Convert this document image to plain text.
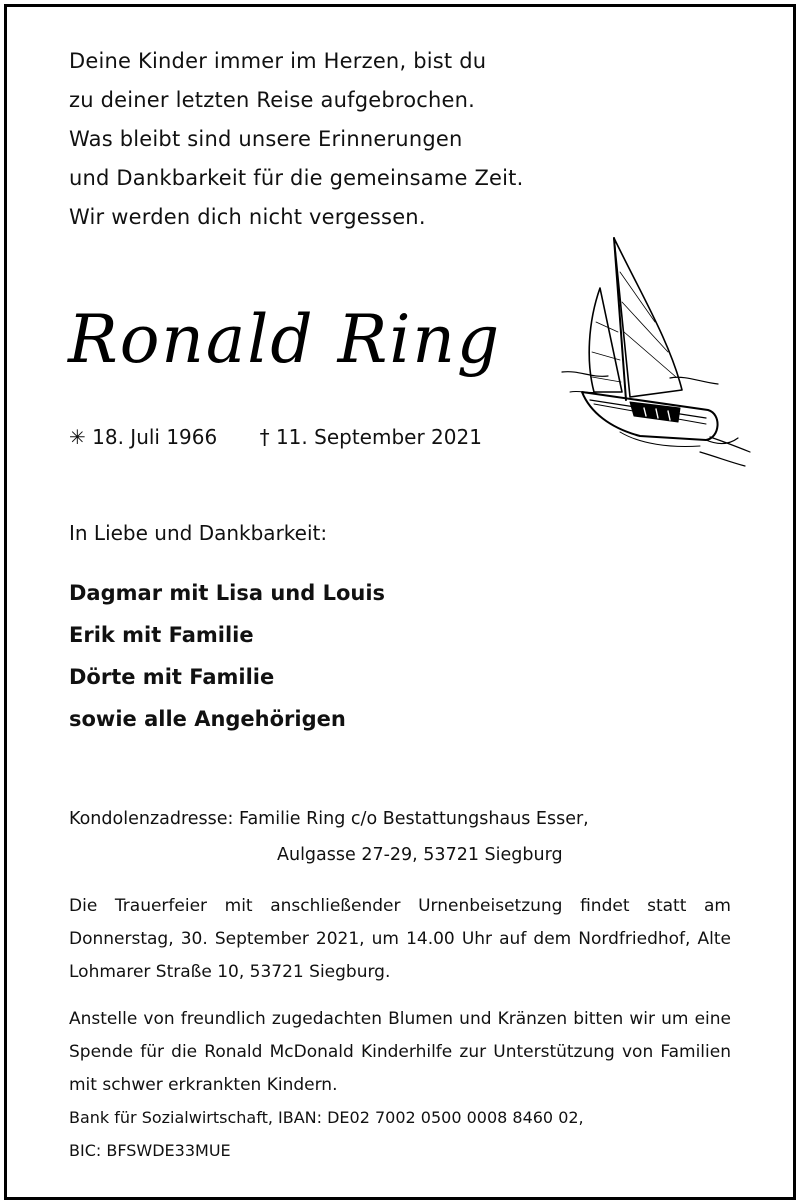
Deine Kinder immer im Herzen, bist du
zu deiner letzten Reise aufgebrochen.
Was bleibt sind unsere Erinnerungen
und Dankbarkeit für die gemeinsame Zeit.
Wir werden dich nicht vergessen.
Ronald Ring
✳ 18. Juli 1966 † 11. September 2021
In Liebe und Dankbarkeit:
Dagmar mit Lisa und Louis
Erik mit Familie
Dörte mit Familie
sowie alle Angehörigen
Kondolenzadresse: Familie Ring c/o Bestattungshaus Esser,
Aulgasse 27-29, 53721 Siegburg
Die Trauerfeier mit anschließender Urnenbeisetzung findet statt am Donnerstag, 30. September 2021, um 14.00 Uhr auf dem Nordfriedhof, Alte Lohmarer Straße 10, 53721 Siegburg.
Anstelle von freundlich zugedachten Blumen und Kränzen bitten wir um eine Spende für die Ronald McDonald Kinderhilfe zur Unterstützung von Familien mit schwer erkrankten Kindern.
Bank für Sozialwirtschaft, IBAN: DE02 7002 0500 0008 8460 02,
BIC: BFSWDE33MUE
